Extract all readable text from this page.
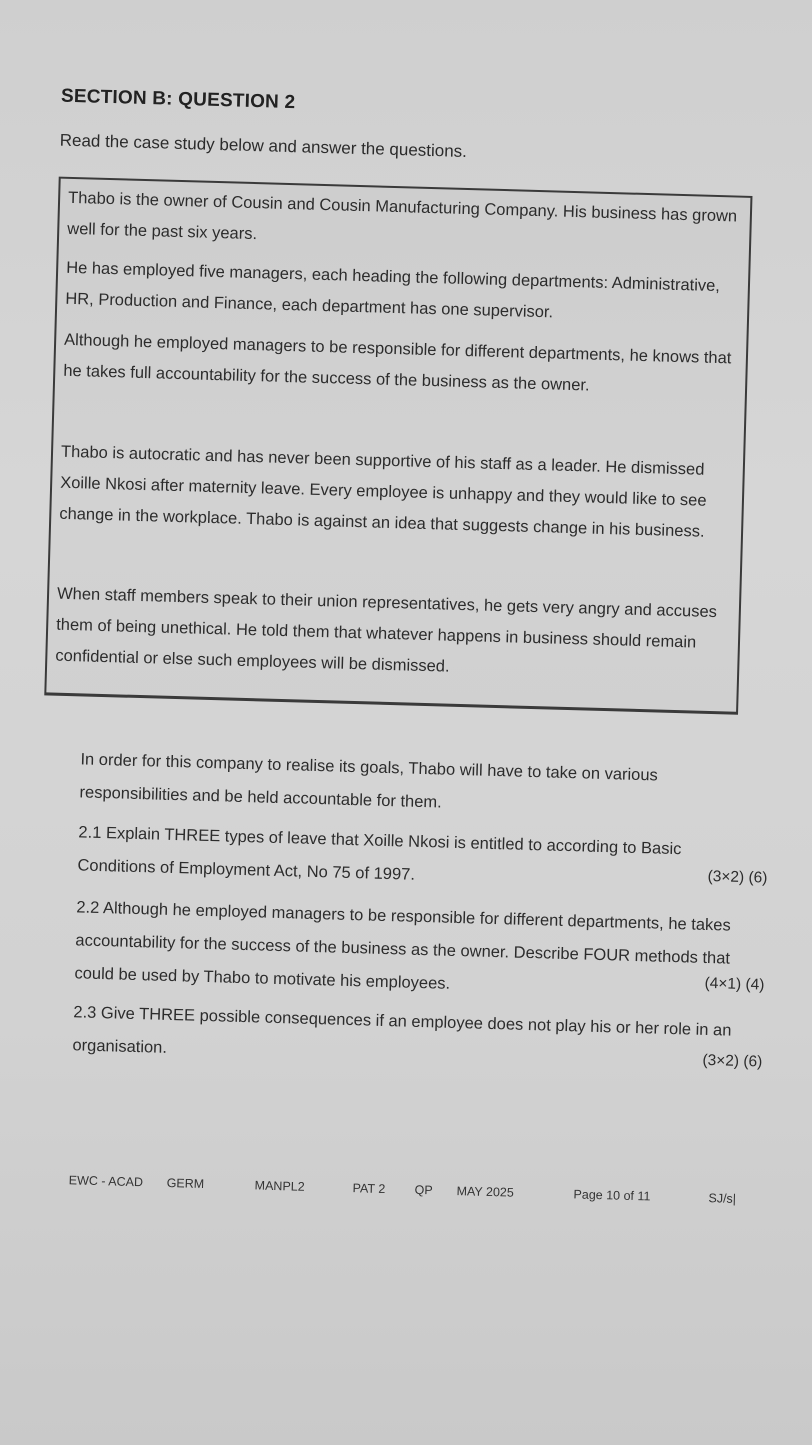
SECTION B: QUESTION 2
Read the case study below and answer the questions.

Thabo is the owner of Cousin and Cousin Manufacturing Company. His business has grown well for the past six years.

He has employed five managers, each heading the following departments: Administrative, HR, Production and Finance, each department has one supervisor.

Although he employed managers to be responsible for different departments, he knows that he takes full accountability for the success of the business as the owner.

Thabo is autocratic and has never been supportive of his staff as a leader. He dismissed Xoille Nkosi after maternity leave. Every employee is unhappy and they would like to see change in the workplace. Thabo is against an idea that suggests change in his business.

When staff members speak to their union representatives, he gets very angry and accuses them of being unethical. He told them that whatever happens in business should remain confidential or else such employees will be dismissed.

In order for this company to realise its goals, Thabo will have to take on various responsibilities and be held accountable for them.
2.1 Explain THREE types of leave that Xoille Nkosi is entitled to according to Basic Conditions of Employment Act, No 75 of 1997.	(3×2) (6)
2.2 Although he employed managers to be responsible for different departments, he takes accountability for the success of the business as the owner. Describe FOUR methods that could be used by Thabo to motivate his employees.	(4×1) (4)
2.3 Give THREE possible consequences if an employee does not play his or her role in an organisation.
(3×2) (6)
EWC - ACAD GERM	MANPL2	PAT 2 QP MAY 2025	Page 10 of 11	SJ/s|
